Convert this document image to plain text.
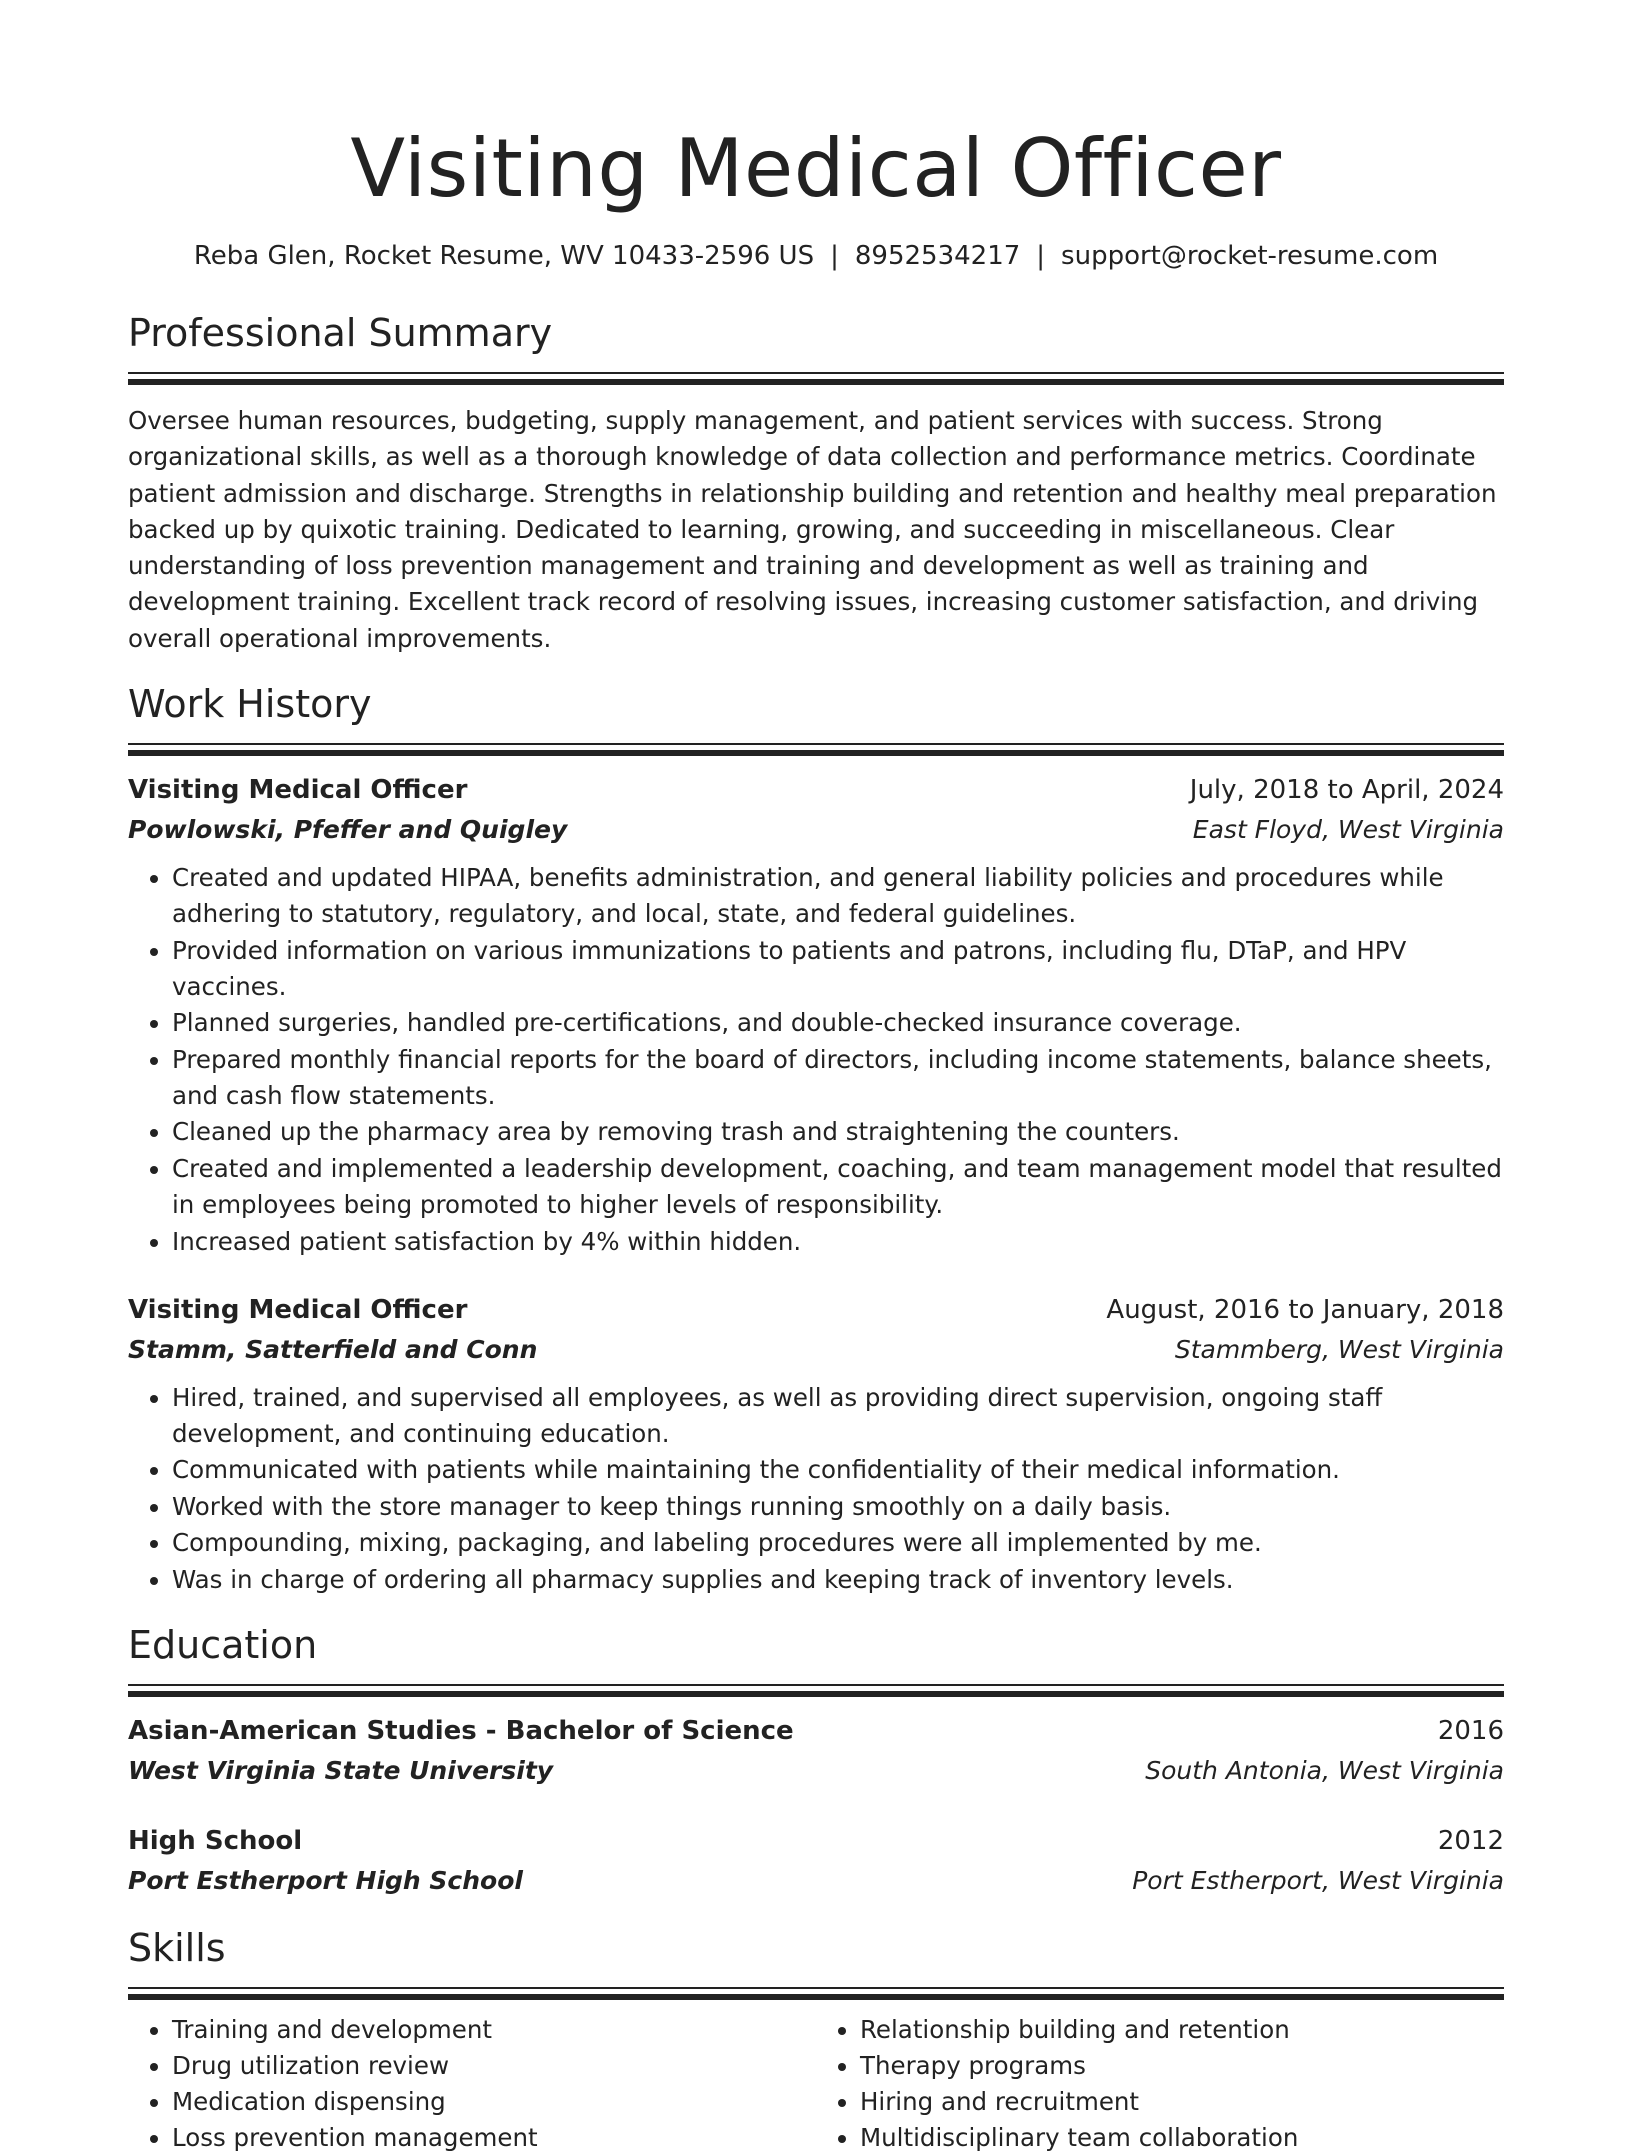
Visiting Medical Officer
Reba Glen, Rocket Resume, WV 10433-2596 US | 8952534217 | support@rocket-resume.com
Professional Summary
Oversee human resources, budgeting, supply management, and patient services with success. Strong organizational skills, as well as a thorough knowledge of data collection and performance metrics. Coordinate patient admission and discharge. Strengths in relationship building and retention and healthy meal preparation backed up by quixotic training. Dedicated to learning, growing, and succeeding in miscellaneous. Clear understanding of loss prevention management and training and development as well as training and development training. Excellent track record of resolving issues, increasing customer satisfaction, and driving overall operational improvements.
Work History
Visiting Medical Officer	July, 2018 to April, 2024
Powlowski, Pfeffer and Quigley	East Floyd, West Virginia
• Created and updated HIPAA, benefits administration, and general liability policies and procedures while adhering to statutory, regulatory, and local, state, and federal guidelines.
• Provided information on various immunizations to patients and patrons, including flu, DTaP, and HPV vaccines.
• Planned surgeries, handled pre-certifications, and double-checked insurance coverage.
• Prepared monthly financial reports for the board of directors, including income statements, balance sheets, and cash flow statements.
• Cleaned up the pharmacy area by removing trash and straightening the counters.
• Created and implemented a leadership development, coaching, and team management model that resulted in employees being promoted to higher levels of responsibility.
• Increased patient satisfaction by 4% within hidden.
Visiting Medical Officer	August, 2016 to January, 2018
Stamm, Satterfield and Conn	Stammberg, West Virginia
• Hired, trained, and supervised all employees, as well as providing direct supervision, ongoing staff development, and continuing education.
• Communicated with patients while maintaining the confidentiality of their medical information.
• Worked with the store manager to keep things running smoothly on a daily basis.
• Compounding, mixing, packaging, and labeling procedures were all implemented by me.
• Was in charge of ordering all pharmacy supplies and keeping track of inventory levels.
Education
Asian-American Studies - Bachelor of Science	2016
West Virginia State University	South Antonia, West Virginia
High School	2012
Port Estherport High School	Port Estherport, West Virginia
Skills
• Training and development
• Drug utilization review
• Medication dispensing
• Loss prevention management
• Relationship building and retention
• Therapy programs
• Hiring and recruitment
• Multidisciplinary team collaboration
